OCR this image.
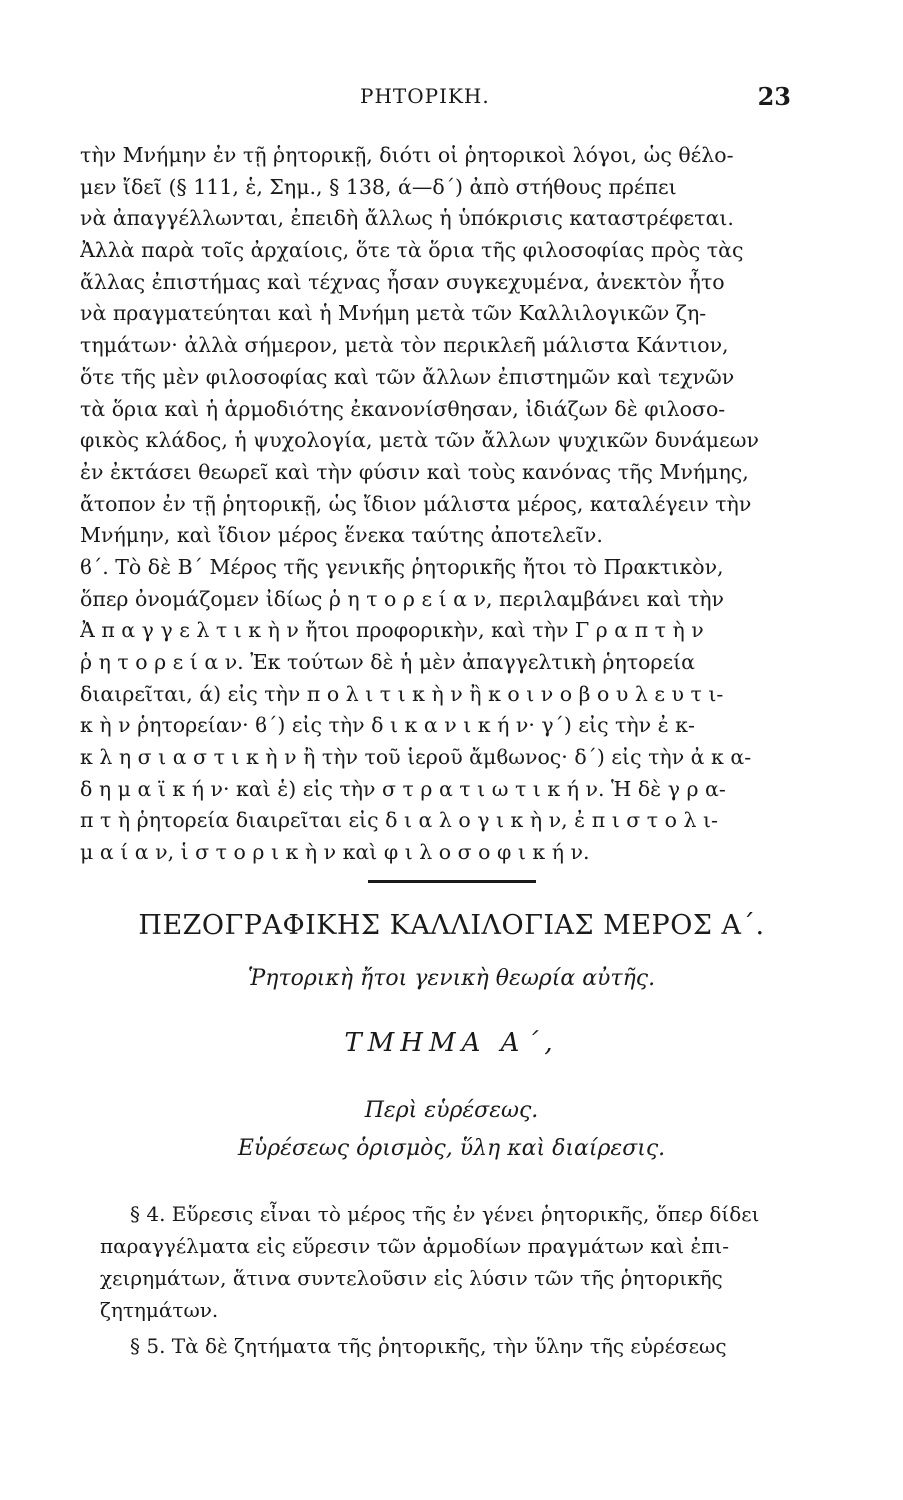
ΡΗΤΟΡΙΚΗ.	23
τὴν Μνήμην ἐν τῇ ῥητορικῇ, διότι οἱ ῥητορικοὶ λόγοι, ὡς θέλο-
μεν ἴδεῖ (§ 111, ἑ, Σημ., § 138, ά—δ΄) ἀπὸ στήθους πρέπει
νὰ ἀπαγγέλλωνται, ἐπειδὴ ἄλλως ἡ ὑπόκρισις καταστρέφεται.
Ἀλλὰ παρὰ τοῖς ἀρχαίοις, ὅτε τὰ ὅρια τῆς φιλοσοφίας πρὸς τὰς
ἄλλας ἐπιστήμας καὶ τέχνας ἦσαν συγκεχυμένα, ἀνεκτὸν ἦτο
νὰ πραγματεύηται καὶ ἡ Μνήμη μετὰ τῶν Καλλιλογικῶν ζη-
τημάτων· ἀλλὰ σήμερον, μετὰ τὸν περικλεῆ μάλιστα Κάντιον,
ὅτε τῆς μὲν φιλοσοφίας καὶ τῶν ἄλλων ἐπιστημῶν καὶ τεχνῶν
τὰ ὅρια καὶ ἡ ἁρμοδιότης ἐκανονίσθησαν, ἰδιάζων δὲ φιλοσο-
φικὸς κλάδος, ἡ ψυχολογία, μετὰ τῶν ἄλλων ψυχικῶν δυνάμεων
ἐν ἐκτάσει θεωρεῖ καὶ τὴν φύσιν καὶ τοὺς κανόνας τῆς Μνήμης,
ἄτοπον ἐν τῇ ῥητορικῇ, ὡς ἴδιον μάλιστα μέρος, καταλέγειν τὴν
Μνήμην, καὶ ἴδιον μέρος ἕνεκα ταύτης ἀποτελεῖν.
ϐ΄. Τὸ δὲ Β΄ Μέρος τῆς γενικῆς ῥητορικῆς ἤτοι τὸ Πρακτικὸν,
ὅπερ ὀνομάζομεν ἰδίως ῥ η τ ο ρ ε ί α ν, περιλαμβάνει καὶ τὴν
Ἀ π α γ γ ε λ τ ι κ ὴ ν ἤτοι προφορικὴν, καὶ τὴν Γ ρ α π τ ὴ ν
ῥ η τ ο ρ ε ί α ν. Ἐκ τούτων δὲ ἡ μὲν ἀπαγγελτικὴ ῥητορεία
διαιρεῖται, ά) εἰς τὴν π ο λ ι τ ι κ ὴ ν ἢ κ ο ι ν ο β ο υ λ ε υ τ ι-
κ ὴ ν ῥητορείαν· ϐ΄) εἰς τὴν δ ι κ α ν ι κ ή ν· γ΄) εἰς τὴν ἐ κ-
κ λ η σ ι α σ τ ι κ ὴ ν ἢ τὴν τοῦ ἱεροῦ ἄμϐωνος· δ΄) εἰς τὴν ἀ κ α-
δ η μ α ϊ κ ή ν· καὶ ἑ) εἰς τὴν σ τ ρ α τ ι ω τ ι κ ή ν. Ἡ δὲ γ ρ α-
π τ ὴ ῥητορεία διαιρεῖται εἰς δ ι α λ ο γ ι κ ὴ ν, ἐ π ι σ τ ο λ ι-
μ α ί α ν, ἱ σ τ ο ρ ι κ ὴ ν καὶ φ ι λ ο σ ο φ ι κ ή ν.
ΠΕΖΟΓΡΑΦΙΚΗΣ ΚΑΛΛΙΛΟΓΙΑΣ ΜΕΡΟΣ Α΄.
Ῥητορικὴ ἤτοι γενικὴ θεωρία αὐτῆς.
ΤΜΗΜΑ Α΄,
Περὶ εὑρέσεως.
Εὑρέσεως ὁρισμὸς, ὕλη καὶ διαίρεσις.
§ 4. Εὕρεσις εἶναι τὸ μέρος τῆς ἐν γένει ῥητορικῆς, ὅπερ δίδει
παραγγέλματα εἰς εὕρεσιν τῶν ἁρμοδίων πραγμάτων καὶ ἐπι-
χειρημάτων, ἅτινα συντελοῦσιν εἰς λύσιν τῶν τῆς ῥητορικῆς
ζητημάτων.
§ 5. Τὰ δὲ ζητήματα τῆς ῥητορικῆς, τὴν ὕλην τῆς εὑρέσεως
